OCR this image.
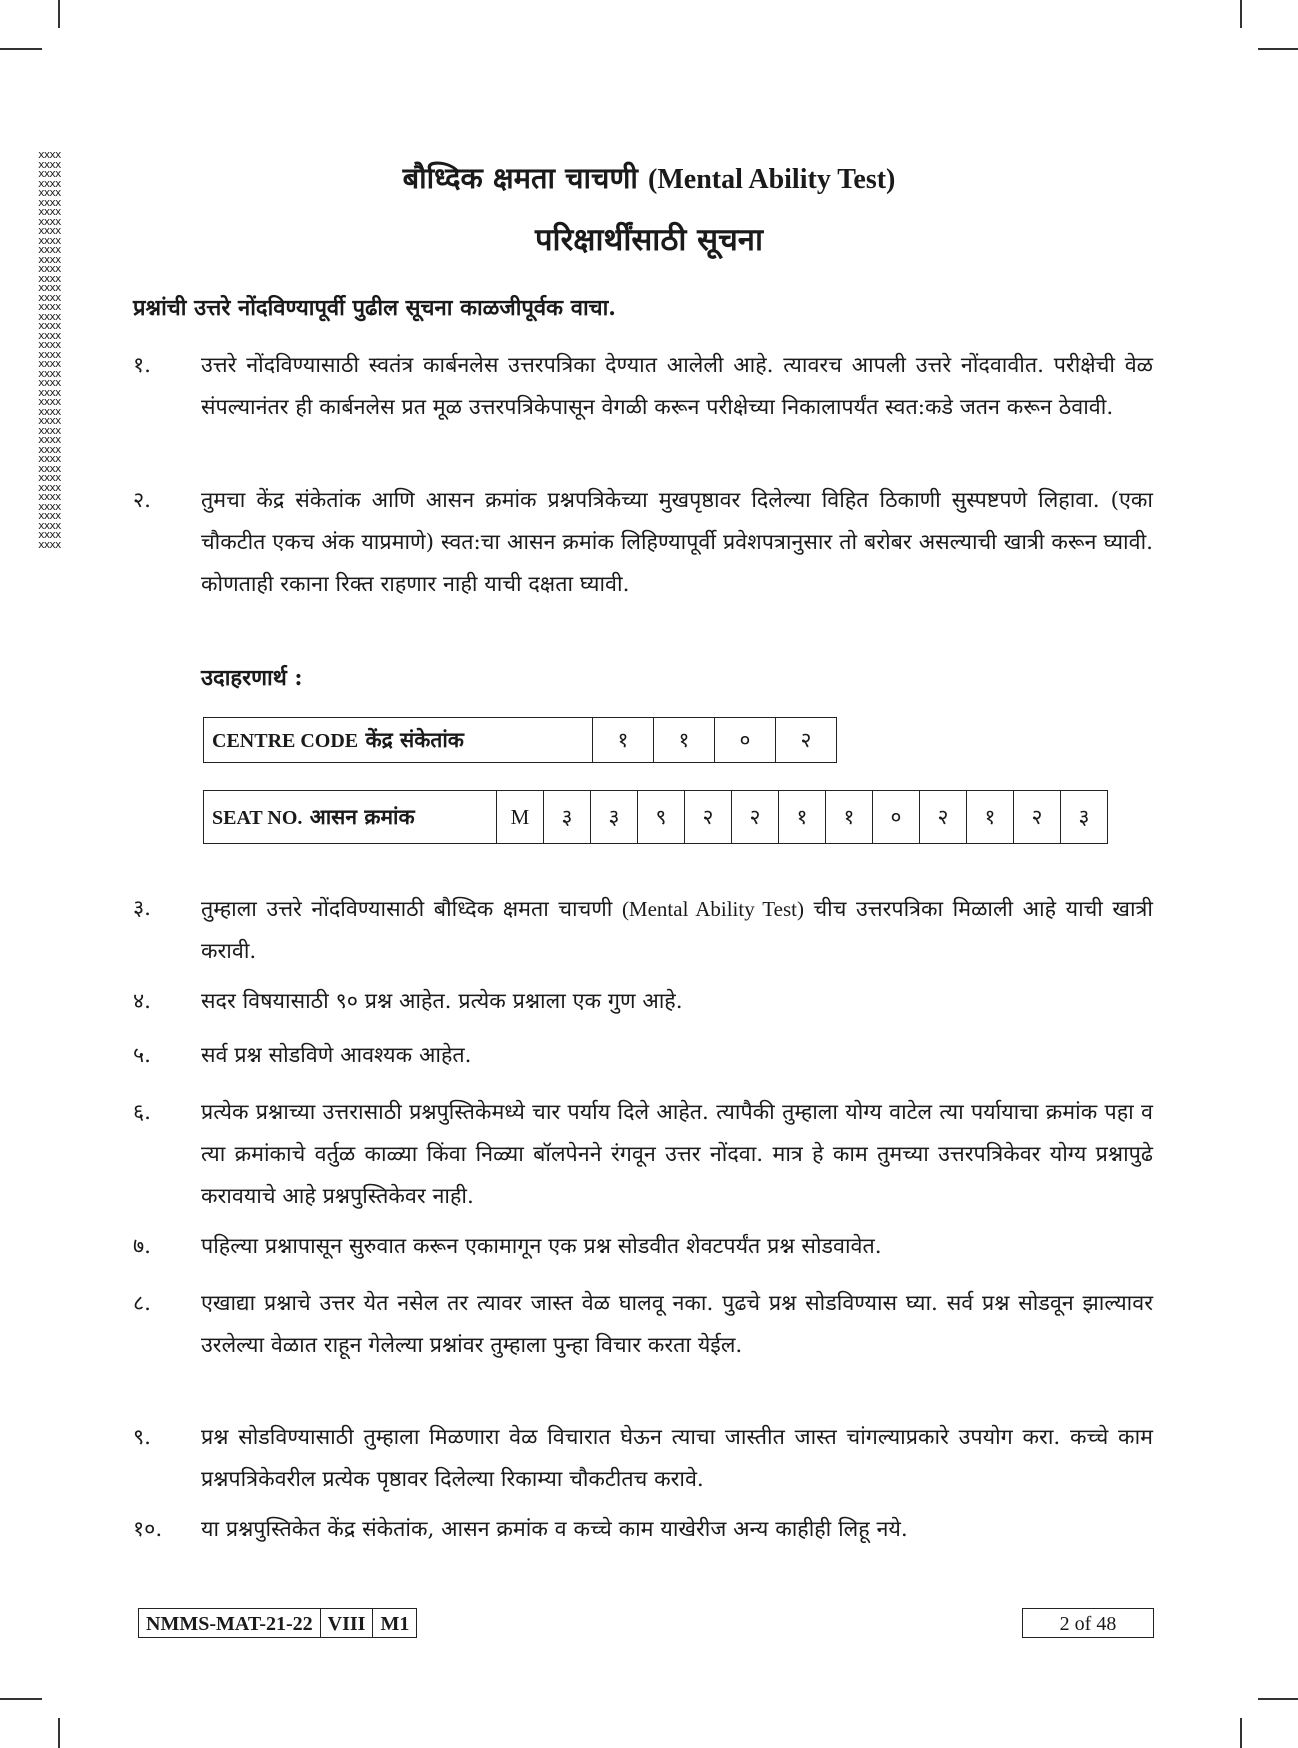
xxxx
xxxx
xxxx
xxxx
xxxx
xxxx
xxxx
xxxx
xxxx
xxxx
xxxx
xxxx
xxxx
xxxx
xxxx
xxxx
xxxx
xxxx
xxxx
xxxx
xxxx
xxxx
xxxx
xxxx
xxxx
xxxx
xxxx
xxxx
xxxx
xxxx
xxxx
xxxx
xxxx
xxxx
xxxx
xxxx
xxxx
xxxx
xxxx
xxxx
xxxx
xxxx
बौध्दिक क्षमता चाचणी (Mental Ability Test)
परिक्षार्थींसाठी सूचना
प्रश्नांची उत्तरे नोंदविण्यापूर्वी पुढील सूचना काळजीपूर्वक वाचा.
१.	उत्तरे नोंदविण्यासाठी स्वतंत्र कार्बनलेस उत्तरपत्रिका देण्यात आलेली आहे. त्यावरच आपली उत्तरे नोंदवावीत. परीक्षेची वेळ संपल्यानंतर ही कार्बनलेस प्रत मूळ उत्तरपत्रिकेपासून वेगळी करून परीक्षेच्या निकालापर्यंत स्वत:कडे जतन करून ठेवावी.
२.	तुमचा केंद्र संकेतांक आणि आसन क्रमांक प्रश्नपत्रिकेच्या मुखपृष्ठावर दिलेल्या विहित ठिकाणी सुस्पष्टपणे लिहावा. (एका चौकटीत एकच अंक याप्रमाणे) स्वत:चा आसन क्रमांक लिहिण्यापूर्वी प्रवेशपत्रानुसार तो बरोबर असल्याची खात्री करून घ्यावी. कोणताही रकाना रिक्त राहणार नाही याची दक्षता घ्यावी.
उदाहरणार्थ :
CENTRE CODE केंद्र संकेतांक	१	१	०	२
SEAT NO. आसन क्रमांक	M	३	३	९	२	२	१	१	०	२	१	२	३
३.	तुम्हाला उत्तरे नोंदविण्यासाठी बौध्दिक क्षमता चाचणी (Mental Ability Test) चीच उत्तरपत्रिका मिळाली आहे याची खात्री करावी.
४.	सदर विषयासाठी ९० प्रश्न आहेत. प्रत्येक प्रश्नाला एक गुण आहे.
५.	सर्व प्रश्न सोडविणे आवश्यक आहेत.
६.	प्रत्येक प्रश्नाच्या उत्तरासाठी प्रश्नपुस्तिकेमध्ये चार पर्याय दिले आहेत. त्यापैकी तुम्हाला योग्य वाटेल त्या पर्यायाचा क्रमांक पहा व त्या क्रमांकाचे वर्तुळ काळ्या किंवा निळ्या बॉलपेनने रंगवून उत्तर नोंदवा. मात्र हे काम तुमच्या उत्तरपत्रिकेवर योग्य प्रश्नापुढे करावयाचे आहे प्रश्नपुस्तिकेवर नाही.
७.	पहिल्या प्रश्नापासून सुरुवात करून एकामागून एक प्रश्न सोडवीत शेवटपर्यंत प्रश्न सोडवावेत.
८.	एखाद्या प्रश्नाचे उत्तर येत नसेल तर त्यावर जास्त वेळ घालवू नका. पुढचे प्रश्न सोडविण्यास घ्या. सर्व प्रश्न सोडवून झाल्यावर उरलेल्या वेळात राहून गेलेल्या प्रश्नांवर तुम्हाला पुन्हा विचार करता येईल.
९.	प्रश्न सोडविण्यासाठी तुम्हाला मिळणारा वेळ विचारात घेऊन त्याचा जास्तीत जास्त चांगल्याप्रकारे उपयोग करा. कच्चे काम प्रश्नपत्रिकेवरील प्रत्येक पृष्ठावर दिलेल्या रिकाम्या चौकटीतच करावे.
१०.	या प्रश्नपुस्तिकेत केंद्र संकेतांक, आसन क्रमांक व कच्चे काम याखेरीज अन्य काहीही लिहू नये.
NMMS-MAT-21-22 VIII M1	2 of 48
